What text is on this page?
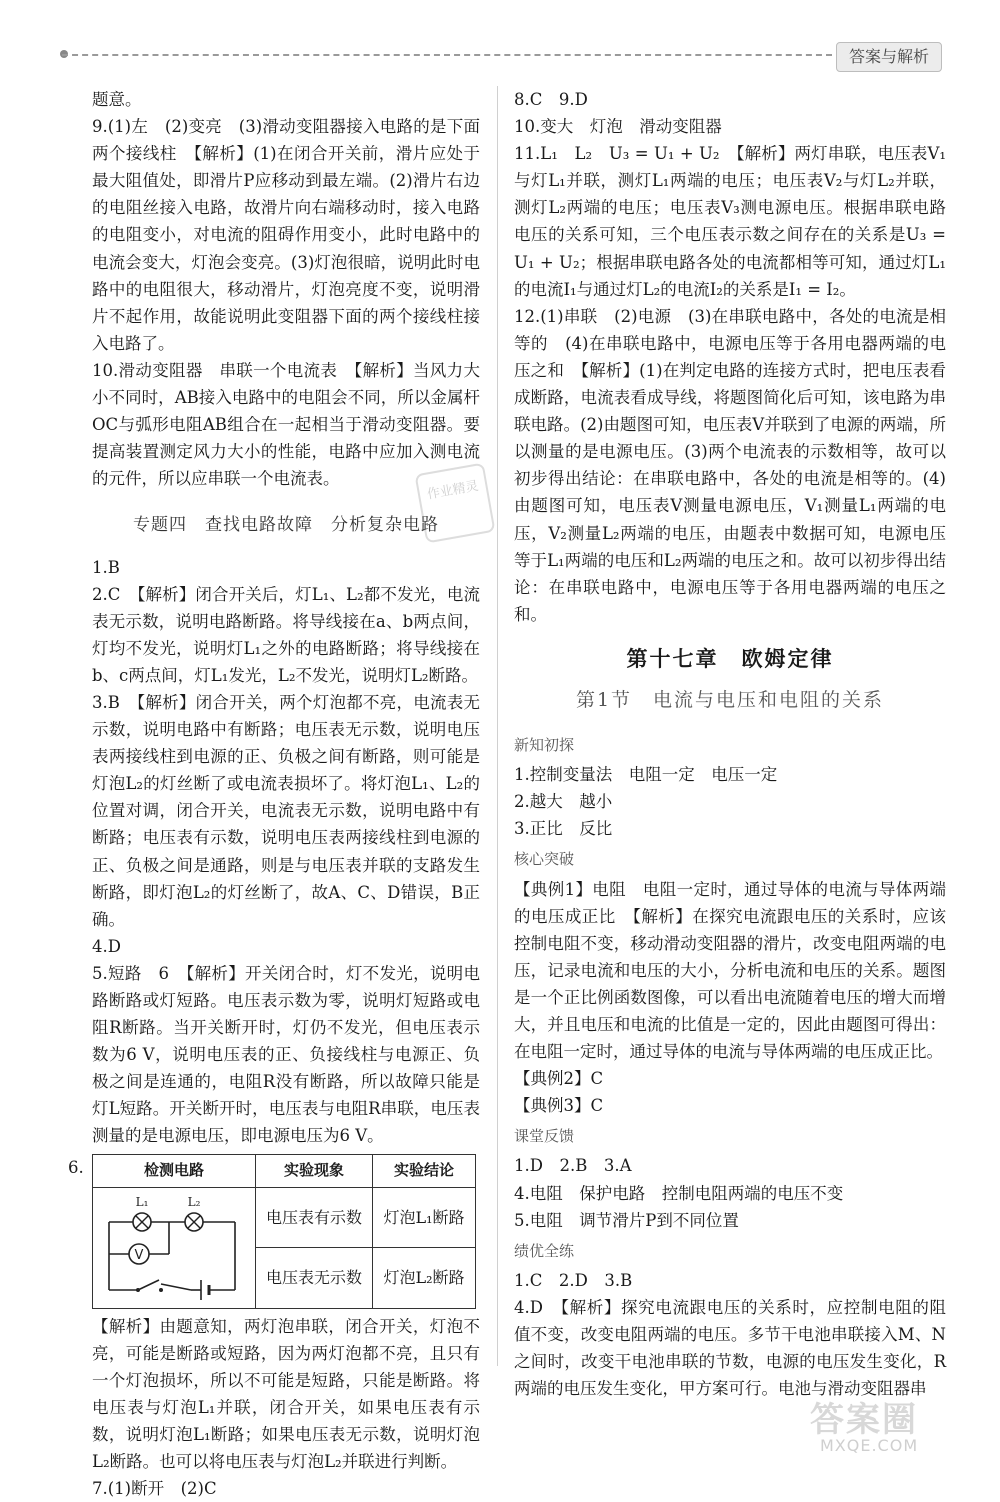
答案与解析

题意。

9.(1)左　(2)变亮　(3)滑动变阻器接入电路的是下面两个接线柱　【解析】(1)在闭合开关前，滑片应处于最大阻值处，即滑片P应移动到最左端。(2)滑片右边的电阻丝接入电路，故滑片向右端移动时，接入电路的电阻变小，对电流的阻碍作用变小，此时电路中的电流会变大，灯泡会变亮。(3)灯泡很暗，说明此时电路中的电阻很大，移动滑片，灯泡亮度不变，说明滑片不起作用，故能说明此变阻器下面的两个接线柱接入电路了。

10.滑动变阻器　串联一个电流表　【解析】当风力大小不同时，AB接入电路中的电阻会不同，所以金属杆OC与弧形电阻AB组合在一起相当于滑动变阻器。要提高装置测定风力大小的性能，电路中应加入测电流的元件，所以应串联一个电流表。

专题四　查找电路故障　分析复杂电路

1.B

2.C　【解析】闭合开关后，灯L₁、L₂都不发光，电流表无示数，说明电路断路。将导线接在a、b两点间，灯均不发光，说明灯L₁之外的电路断路；将导线接在b、c两点间，灯L₁发光，L₂不发光，说明灯L₂断路。

3.B　【解析】闭合开关，两个灯泡都不亮，电流表无示数，说明电路中有断路；电压表无示数，说明电压表两接线柱到电源的正、负极之间有断路，则可能是灯泡L₂的灯丝断了或电流表损坏了。将灯泡L₁、L₂的位置对调，闭合开关，电流表无示数，说明电路中有断路；电压表有示数，说明电压表两接线柱到电源的正、负极之间是通路，则是与电压表并联的支路发生断路，即灯泡L₂的灯丝断了，故A、C、D错误，B正确。

4.D

5.短路　6　【解析】开关闭合时，灯不发光，说明电路断路或灯短路。电压表示数为零，说明灯短路或电阻R断路。当开关断开时，灯仍不发光，但电压表示数为6 V，说明电压表的正、负接线柱与电源正、负极之间是连通的，电阻R没有断路，所以故障只能是灯L短路。开关断开时，电压表与电阻R串联，电压表测量的是电源电压，即电源电压为6 V。

6.	检测电路	实验现象	实验结论

V
L₁ L₂	电压表有示数	灯泡L₁断路
	电压表无示数	灯泡L₂断路

【解析】由题意知，两灯泡串联，闭合开关，灯泡不亮，可能是断路或短路，因为两灯泡都不亮，且只有一个灯泡损坏，所以不可能是短路，只能是断路。将电压表与灯泡L₁并联，闭合开关，如果电压表有示数，说明灯泡L₁断路；如果电压表无示数，说明灯泡L₂断路。也可以将电压表与灯泡L₂并联进行判断。

7.(1)断开　(2)C

8.C　9.D

10.变大　灯泡　滑动变阻器

11.L₁　L₂　U₃ = U₁ + U₂　【解析】两灯串联，电压表V₁与灯L₁并联，测灯L₁两端的电压；电压表V₂与灯L₂并联，测灯L₂两端的电压；电压表V₃测电源电压。根据串联电路电压的关系可知，三个电压表示数之间存在的关系是U₃ = U₁ + U₂；根据串联电路各处的电流都相等可知，通过灯L₁的电流I₁与通过灯L₂的电流I₂的关系是I₁ = I₂。

12.(1)串联　(2)电源　(3)在串联电路中，各处的电流是相等的　(4)在串联电路中，电源电压等于各用电器两端的电压之和　【解析】(1)在判定电路的连接方式时，把电压表看成断路，电流表看成导线，将题图简化后可知，该电路为串联电路。(2)由题图可知，电压表V并联到了电源的两端，所以测量的是电源电压。(3)两个电流表的示数相等，故可以初步得出结论：在串联电路中，各处的电流是相等的。(4)由题图可知，电压表V测量电源电压，V₁测量L₁两端的电压，V₂测量L₂两端的电压，由题表中数据可知，电源电压等于L₁两端的电压和L₂两端的电压之和。故可以初步得出结论：在串联电路中，电源电压等于各用电器两端的电压之和。

第十七章　欧姆定律
第1节　电流与电压和电阻的关系
新知初探

1.控制变量法　电阻一定　电压一定

2.越大　越小

3.正比　反比

核心突破

【典例1】电阻　电阻一定时，通过导体的电流与导体两端的电压成正比　【解析】在探究电流跟电压的关系时，应该控制电阻不变，移动滑动变阻器的滑片，改变电阻两端的电压，记录电流和电压的大小，分析电流和电压的关系。题图是一个正比例函数图像，可以看出电流随着电压的增大而增大，并且电压和电流的比值是一定的，因此由题图可得出：在电阻一定时，通过导体的电流与导体两端的电压成正比。

【典例2】C

【典例3】C

课堂反馈

1.D　2.B　3.A

4.电阻　保护电路　控制电阻两端的电压不变

5.电阻　调节滑片P到不同位置

绩优全练

1.C　2.D　3.B

4.D　【解析】探究电流跟电压的关系时，应控制电阻的阻值不变，改变电阻两端的电压。多节干电池串联接入M、N之间时，改变干电池串联的节数，电源的电压发生变化，R两端的电压发生变化，甲方案可行。电池与滑动变阻器串

作业精灵
答案圈
MXQE.COM
